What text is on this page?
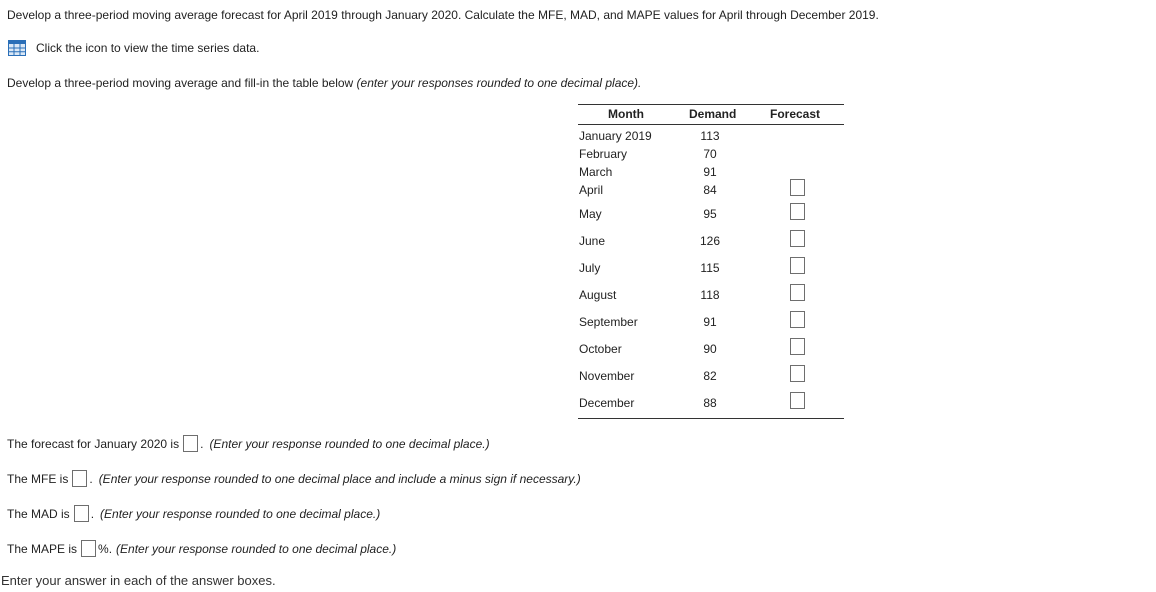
Develop a three-period moving average forecast for April 2019 through January 2020. Calculate the MFE, MAD, and MAPE values for April through December 2019.
Click the icon to view the time series data.
Develop a three-period moving average and fill-in the table below (enter your responses rounded to one decimal place).
Month	Demand	Forecast
January 2019	113
February	70
March	91
April	84
May	95
June	126
July	115
August	118
September	91
October	90
November	82
December	88
The forecast for January 2020 is . (Enter your response rounded to one decimal place.)
The MFE is . (Enter your response rounded to one decimal place and include a minus sign if necessary.)
The MAD is . (Enter your response rounded to one decimal place.)
The MAPE is %. (Enter your response rounded to one decimal place.)
Enter your answer in each of the answer boxes.
